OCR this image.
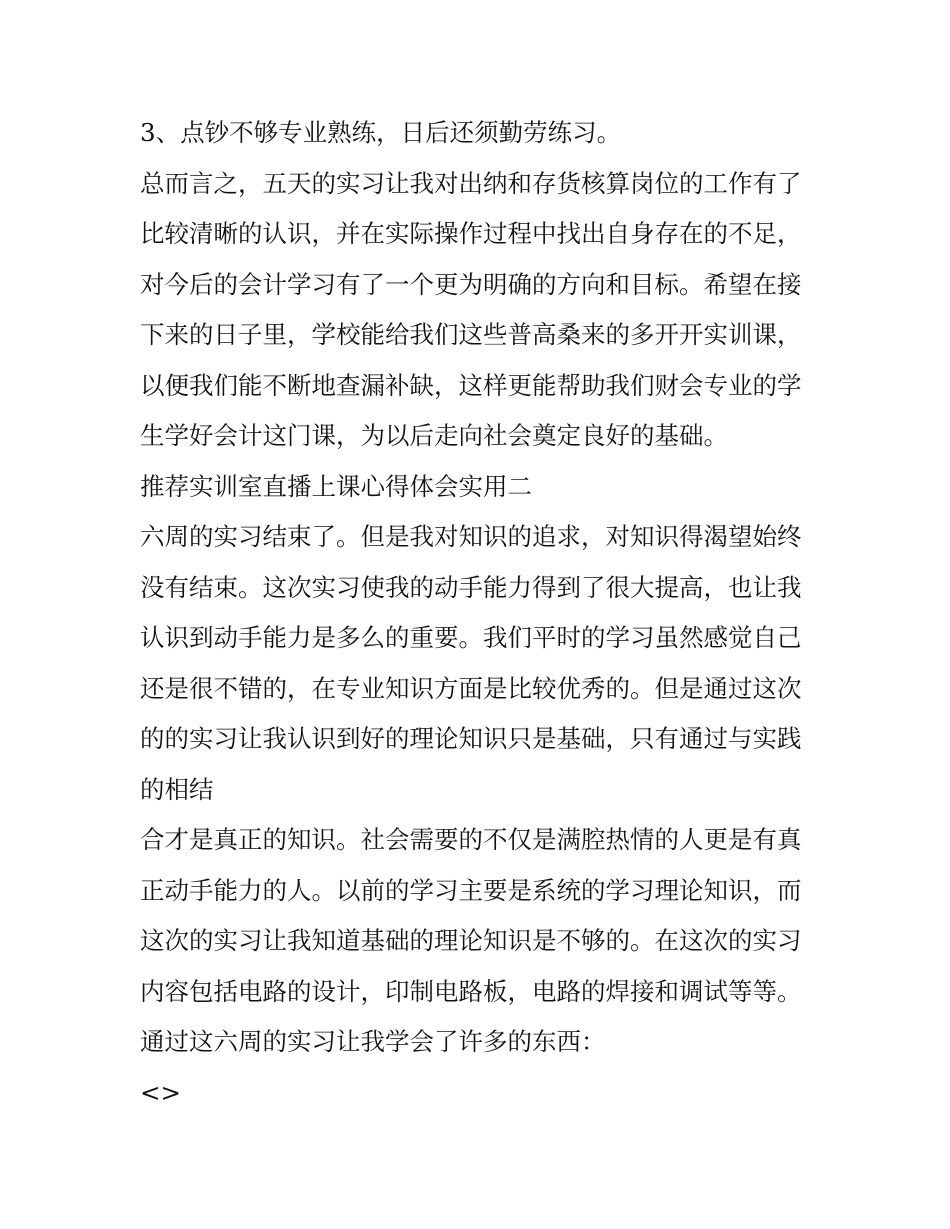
3、点钞不够专业熟练，日后还须勤劳练习。
总而言之，五天的实习让我对出纳和存货核算岗位的工作有了
比较清晰的认识，并在实际操作过程中找出自身存在的不足，
对今后的会计学习有了一个更为明确的方向和目标。希望在接
下来的日子里，学校能给我们这些普高桑来的多开开实训课，
以便我们能不断地查漏补缺，这样更能帮助我们财会专业的学
生学好会计这门课，为以后走向社会奠定良好的基础。
推荐实训室直播上课心得体会实用二
六周的实习结束了。但是我对知识的追求，对知识得渴望始终
没有结束。这次实习使我的动手能力得到了很大提高，也让我
认识到动手能力是多么的重要。我们平时的学习虽然感觉自己
还是很不错的，在专业知识方面是比较优秀的。但是通过这次
的的实习让我认识到好的理论知识只是基础，只有通过与实践
的相结
合才是真正的知识。社会需要的不仅是满腔热情的人更是有真
正动手能力的人。以前的学习主要是系统的学习理论知识，而
这次的实习让我知道基础的理论知识是不够的。在这次的实习
内容包括电路的设计，印制电路板，电路的焊接和调试等等。
通过这六周的实习让我学会了许多的东西：
<>
